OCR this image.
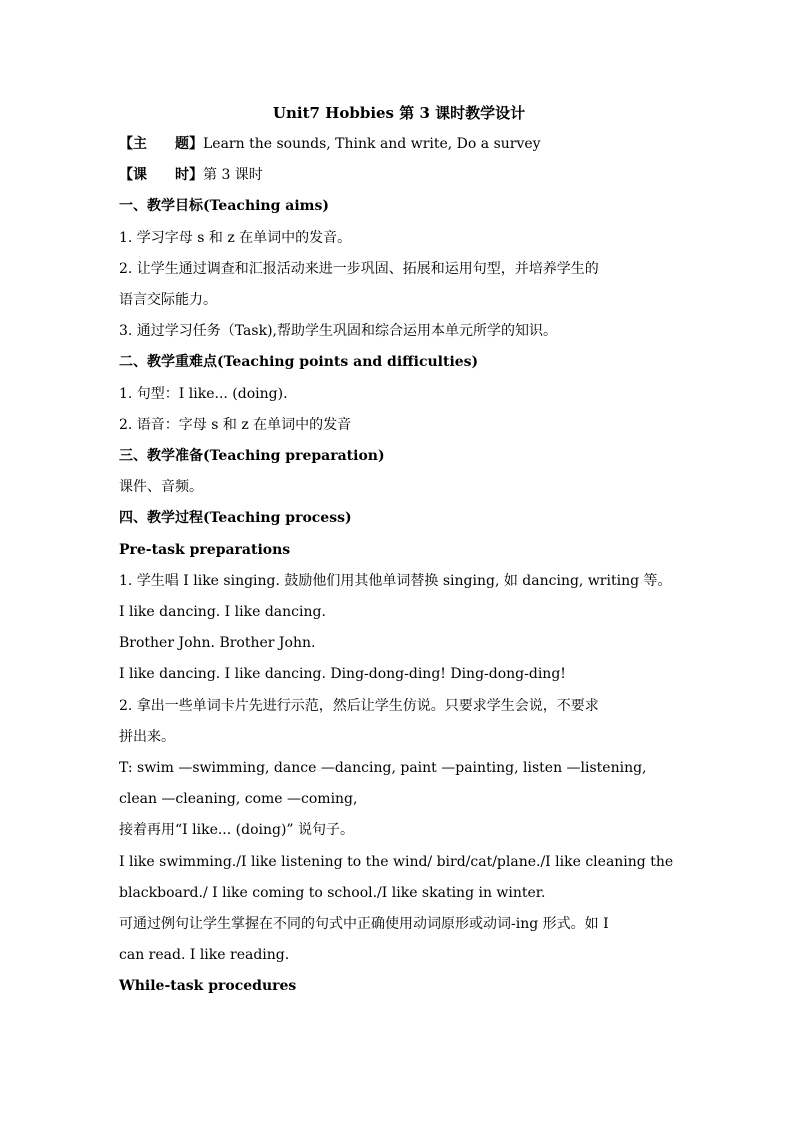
Unit7 Hobbies 第 3 课时教学设计
【主　　题】Learn the sounds, Think and write, Do a survey
【课　　时】第 3 课时
一、教学目标(Teaching aims)
1. 学习字母 s 和 z 在单词中的发音。
2. 让学生通过调查和汇报活动来进一步巩固、拓展和运用句型，并培养学生的
语言交际能力。
3. 通过学习任务（Task),帮助学生巩固和综合运用本单元所学的知识。
二、教学重难点(Teaching points and difficulties)
1. 句型：I like... (doing).
2. 语音：字母 s 和 z 在单词中的发音
三、教学准备(Teaching preparation)
课件、音频。
四、教学过程(Teaching process)
Pre-task preparations
1. 学生唱 I like singing. 鼓励他们用其他单词替换 singing, 如 dancing, writing 等。
I like dancing. I like dancing.
Brother John. Brother John.
I like dancing. I like dancing. Ding-dong-ding! Ding-dong-ding!
2. 拿出一些单词卡片先进行示范，然后让学生仿说。只要求学生会说，不要求
拼出来。
T: swim —swimming, dance —dancing, paint —painting, listen —listening,
clean —cleaning, come —coming,
接着再用“I like... (doing)” 说句子。
I like swimming./I like listening to the wind/ bird/cat/plane./I like cleaning the
blackboard./ I like coming to school./I like skating in winter.
可通过例句让学生掌握在不同的句式中正确使用动词原形或动词-ing 形式。如 I
can read. I like reading.
While-task procedures
